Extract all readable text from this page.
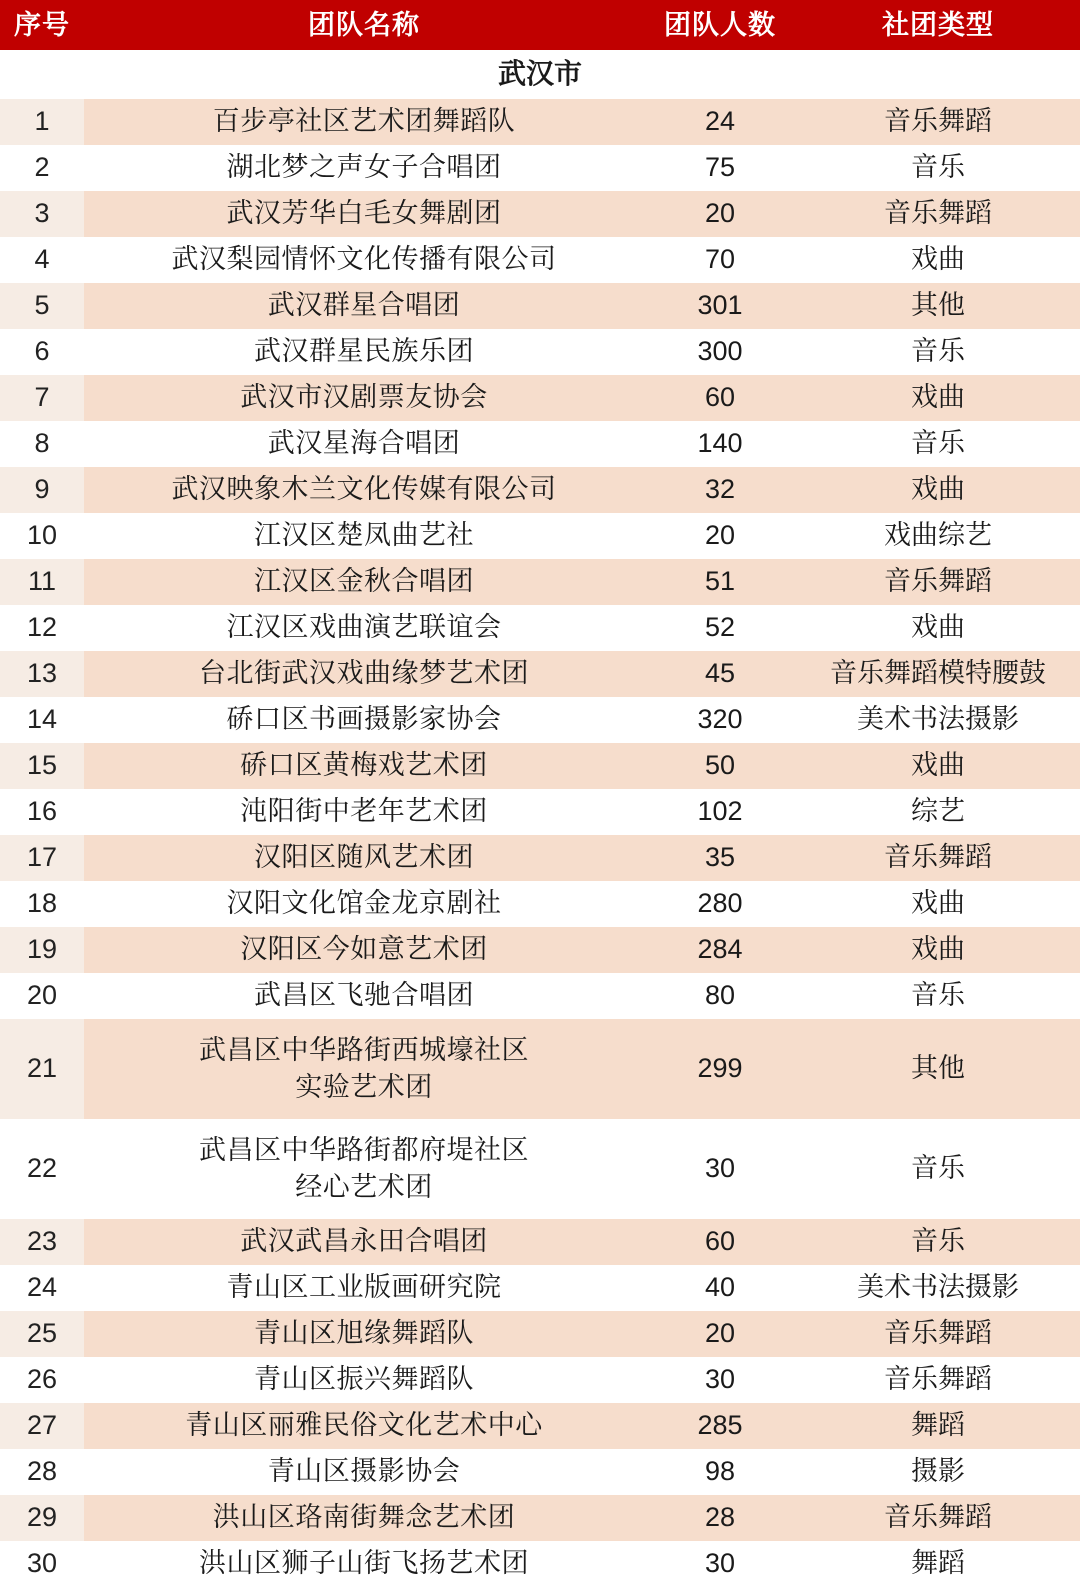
序号	团队名称	团队人数	社团类型
武汉市			
1	百步亭社区艺术团舞蹈队	24	音乐舞蹈
2	湖北梦之声女子合唱团	75	音乐
3	武汉芳华白毛女舞剧团	20	音乐舞蹈
4	武汉梨园情怀文化传播有限公司	70	戏曲
5	武汉群星合唱团	301	其他
6	武汉群星民族乐团	300	音乐
7	武汉市汉剧票友协会	60	戏曲
8	武汉星海合唱团	140	音乐
9	武汉映象木兰文化传媒有限公司	32	戏曲
10	江汉区楚凤曲艺社	20	戏曲综艺
11	江汉区金秋合唱团	51	音乐舞蹈
12	江汉区戏曲演艺联谊会	52	戏曲
13	台北街武汉戏曲缘梦艺术团	45	音乐舞蹈模特腰鼓
14	硚口区书画摄影家协会	320	美术书法摄影
15	硚口区黄梅戏艺术团	50	戏曲
16	沌阳街中老年艺术团	102	综艺
17	汉阳区随风艺术团	35	音乐舞蹈
18	汉阳文化馆金龙京剧社	280	戏曲
19	汉阳区今如意艺术团	284	戏曲
20	武昌区飞驰合唱团	80	音乐
21	武昌区中华路街西城壕社区
实验艺术团	299	其他
22	武昌区中华路街都府堤社区
经心艺术团	30	音乐
23	武汉武昌永田合唱团	60	音乐
24	青山区工业版画研究院	40	美术书法摄影
25	青山区旭缘舞蹈队	20	音乐舞蹈
26	青山区振兴舞蹈队	30	音乐舞蹈
27	青山区丽雅民俗文化艺术中心	285	舞蹈
28	青山区摄影协会	98	摄影
29	洪山区珞南街舞念艺术团	28	音乐舞蹈
30	洪山区狮子山街飞扬艺术团	30	舞蹈
